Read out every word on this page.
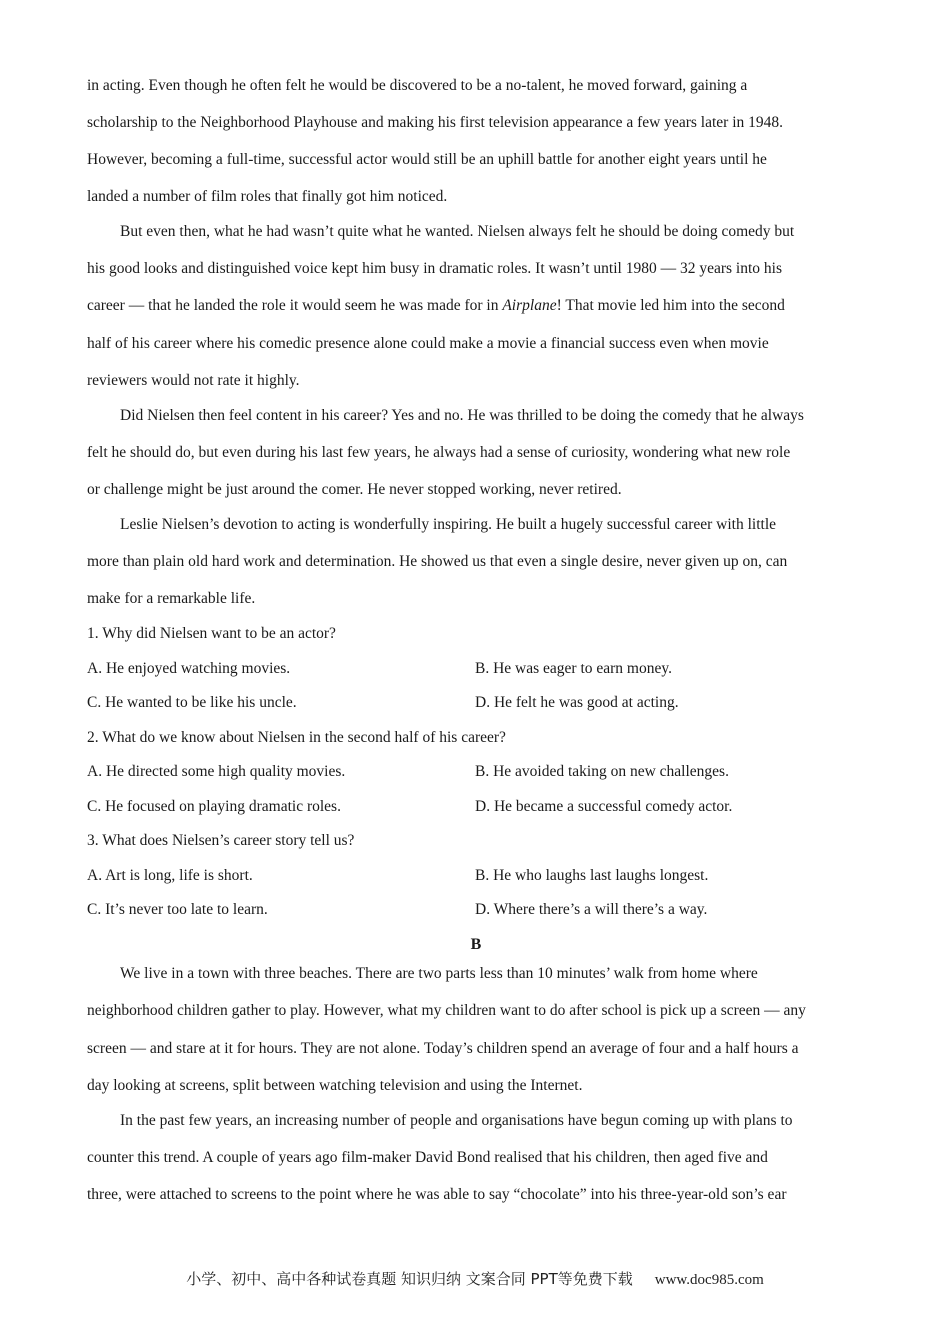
in acting. Even though he often felt he would be discovered to be a no-talent, he moved forward, gaining a
scholarship to the Neighborhood Playhouse and making his first television appearance a few years later in 1948.
However, becoming a full-time, successful actor would still be an uphill battle for another eight years until he
landed a number of film roles that finally got him noticed.
But even then, what he had wasn’t quite what he wanted. Nielsen always felt he should be doing comedy but
his good looks and distinguished voice kept him busy in dramatic roles. It wasn’t until 1980 — 32 years into his
career — that he landed the role it would seem he was made for in Airplane! That movie led him into the second
half of his career where his comedic presence alone could make a movie a financial success even when movie
reviewers would not rate it highly.
Did Nielsen then feel content in his career? Yes and no. He was thrilled to be doing the comedy that he always
felt he should do, but even during his last few years, he always had a sense of curiosity, wondering what new role
or challenge might be just around the comer. He never stopped working, never retired.
Leslie Nielsen’s devotion to acting is wonderfully inspiring. He built a hugely successful career with little
more than plain old hard work and determination. He showed us that even a single desire, never given up on, can
make for a remarkable life.
1. Why did Nielsen want to be an actor?
A. He enjoyed watching movies.	B. He was eager to earn money.
C. He wanted to be like his uncle.	D. He felt he was good at acting.
2. What do we know about Nielsen in the second half of his career?
A. He directed some high quality movies.	B. He avoided taking on new challenges.
C. He focused on playing dramatic roles.	D. He became a successful comedy actor.
3. What does Nielsen’s career story tell us?
A. Art is long, life is short.	B. He who laughs last laughs longest.
C. It’s never too late to learn.	D. Where there’s a will there’s a way.
B
We live in a town with three beaches. There are two parts less than 10 minutes’ walk from home where
neighborhood children gather to play. However, what my children want to do after school is pick up a screen — any
screen — and stare at it for hours. They are not alone. Today’s children spend an average of four and a half hours a
day looking at screens, split between watching television and using the Internet.
In the past few years, an increasing number of people and organisations have begun coming up with plans to
counter this trend. A couple of years ago film-maker David Bond realised that his children, then aged five and
three, were attached to screens to the point where he was able to say “chocolate” into his three-year-old son’s ear
小学、初中、高中各种试卷真题 知识归纳 文案合同 PPT等免费下载 www.doc985.com
